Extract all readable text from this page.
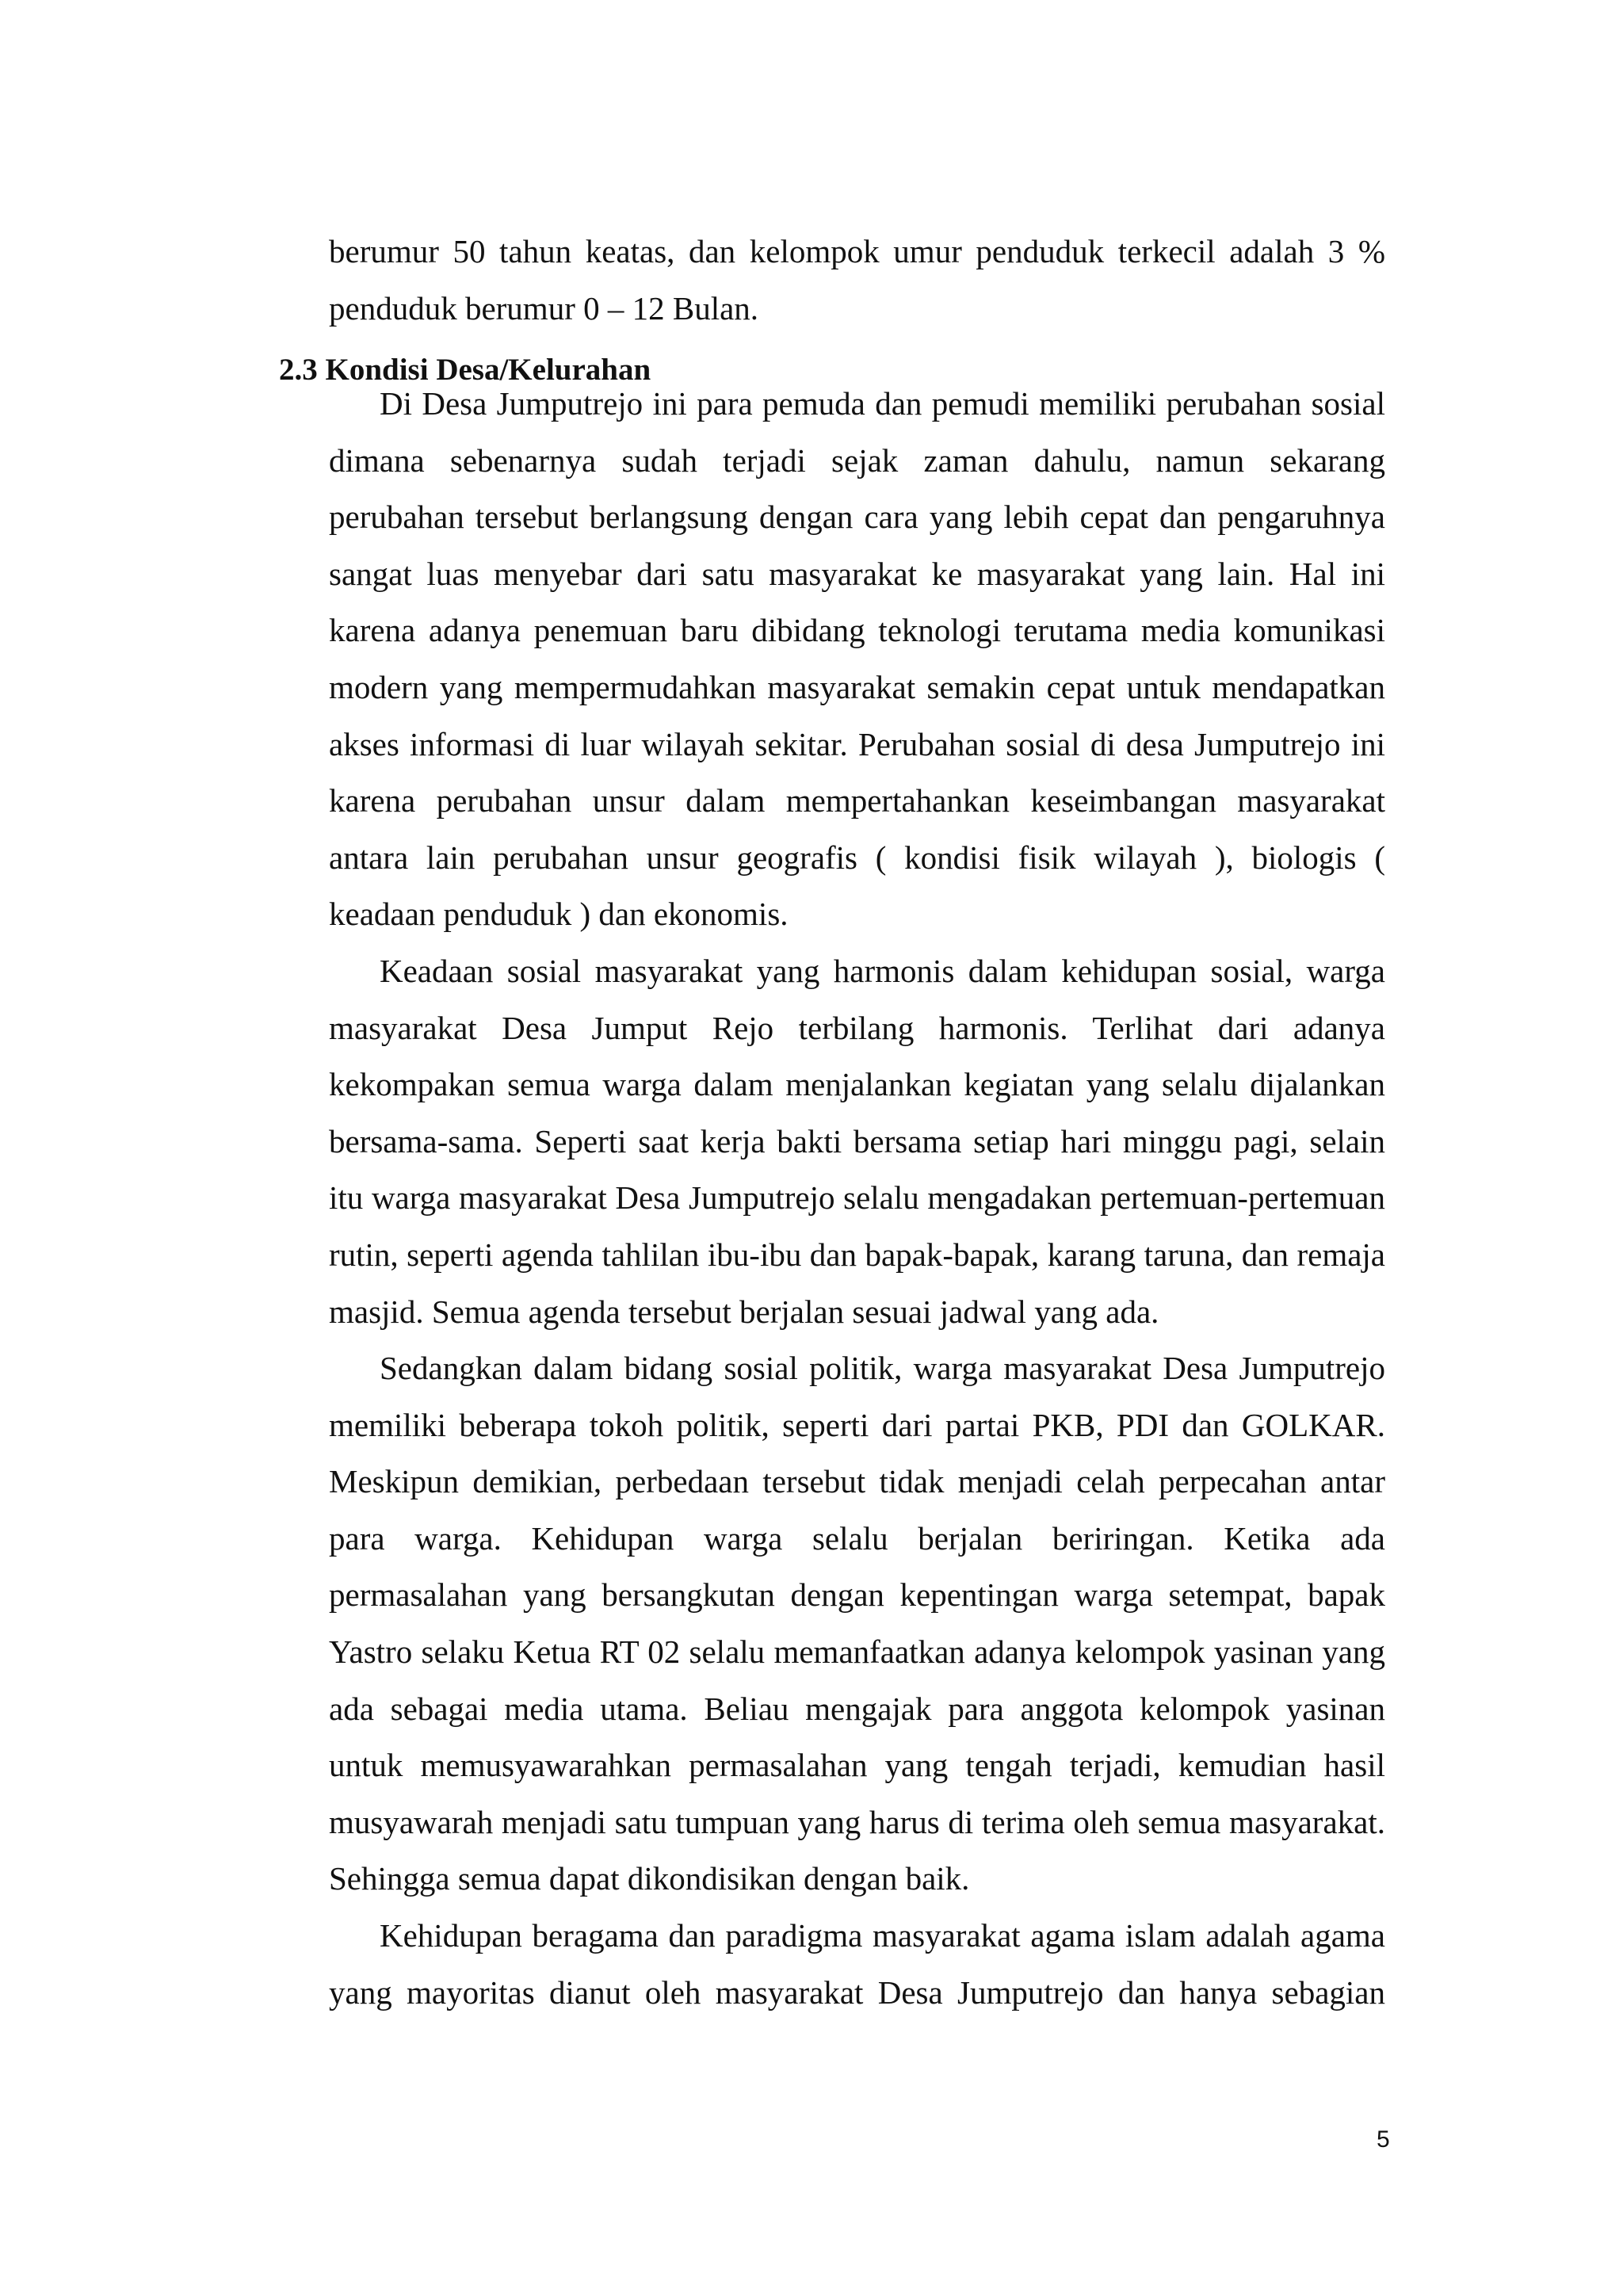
berumur 50 tahun keatas, dan kelompok umur penduduk terkecil adalah 3 % penduduk berumur 0 – 12 Bulan.

2.3 Kondisi Desa/Kelurahan

Di Desa Jumputrejo ini para pemuda dan pemudi memiliki perubahan sosial dimana sebenarnya sudah terjadi sejak zaman dahulu, namun sekarang perubahan tersebut berlangsung dengan cara yang lebih cepat dan pengaruhnya sangat luas menyebar dari satu masyarakat ke masyarakat yang lain. Hal ini karena adanya penemuan baru dibidang teknologi terutama media komunikasi modern yang mempermudahkan masyarakat semakin cepat untuk mendapatkan akses informasi di luar wilayah sekitar. Perubahan sosial di desa Jumputrejo ini karena perubahan unsur dalam mempertahankan keseimbangan masyarakat antara lain perubahan unsur geografis ( kondisi fisik wilayah ), biologis ( keadaan penduduk ) dan ekonomis.

Keadaan sosial masyarakat yang harmonis dalam kehidupan sosial, warga masyarakat Desa Jumput Rejo terbilang harmonis. Terlihat dari adanya kekompakan semua warga dalam menjalankan kegiatan yang selalu dijalankan bersama-sama. Seperti saat kerja bakti bersama setiap hari minggu pagi, selain itu warga masyarakat Desa Jumputrejo selalu mengadakan pertemuan-pertemuan rutin, seperti agenda tahlilan ibu-ibu dan bapak-bapak, karang taruna, dan remaja masjid. Semua agenda tersebut berjalan sesuai jadwal yang ada.

Sedangkan dalam bidang sosial politik, warga masyarakat Desa Jumputrejo memiliki beberapa tokoh politik, seperti dari partai PKB, PDI dan GOLKAR. Meskipun demikian, perbedaan tersebut tidak menjadi celah perpecahan antar para warga. Kehidupan warga selalu berjalan beriringan. Ketika ada permasalahan yang bersangkutan dengan kepentingan warga setempat, bapak Yastro selaku Ketua RT 02 selalu memanfaatkan adanya kelompok yasinan yang ada sebagai media utama. Beliau mengajak para anggota kelompok yasinan untuk memusyawarahkan permasalahan yang tengah terjadi, kemudian hasil musyawarah menjadi satu tumpuan yang harus di terima oleh semua masyarakat. Sehingga semua dapat dikondisikan dengan baik.

Kehidupan beragama dan paradigma masyarakat agama islam adalah agama yang mayoritas dianut oleh masyarakat Desa Jumputrejo dan hanya sebagian

5
